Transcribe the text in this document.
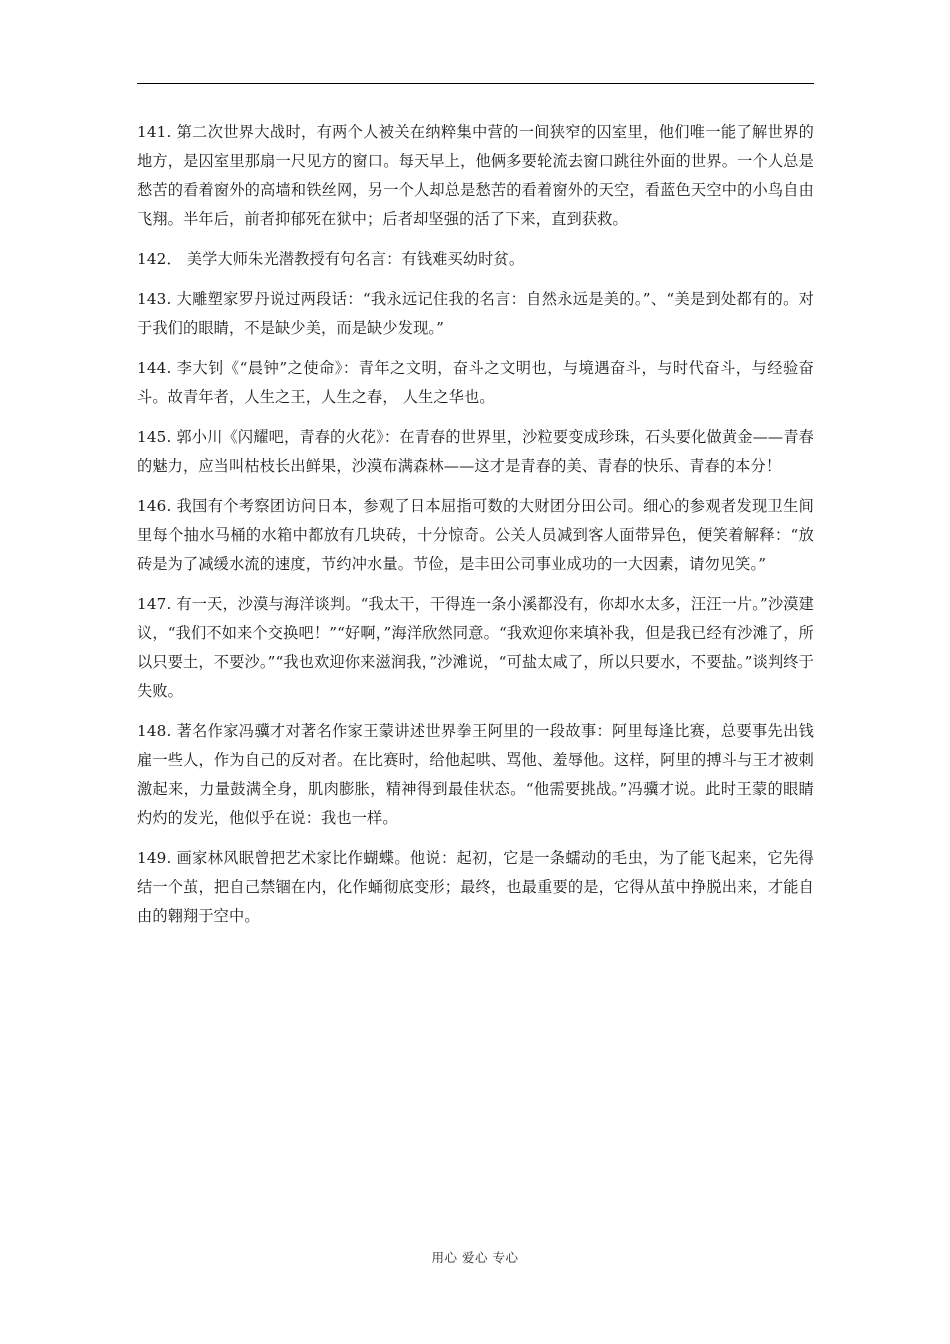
141. 第二次世界大战时，有两个人被关在纳粹集中营的一间狭窄的囚室里，他们唯一能了解世界的地方，是囚室里那扇一尺见方的窗口。每天早上，他俩多要轮流去窗口跳往外面的世界。一个人总是愁苦的看着窗外的高墙和铁丝网，另一个人却总是愁苦的看着窗外的天空，看蓝色天空中的小鸟自由飞翔。半年后，前者抑郁死在狱中；后者却坚强的活了下来，直到获救。

142． 美学大师朱光潜教授有句名言：有钱难买幼时贫。

143. 大雕塑家罗丹说过两段话：“我永远记住我的名言：自然永远是美的。”、“美是到处都有的。对于我们的眼睛，不是缺少美，而是缺少发现。”

144. 李大钊《“晨钟”之使命》：青年之文明，奋斗之文明也，与境遇奋斗，与时代奋斗，与经验奋斗。故青年者，人生之王，人生之春， 人生之华也。

145. 郭小川《闪耀吧，青春的火花》：在青春的世界里，沙粒要变成珍珠，石头要化做黄金——青春的魅力，应当叫枯枝长出鲜果，沙漠布满森林——这才是青春的美、青春的快乐、青春的本分！

146. 我国有个考察团访问日本，参观了日本屈指可数的大财团分田公司。细心的参观者发现卫生间里每个抽水马桶的水箱中都放有几块砖，十分惊奇。公关人员减到客人面带异色，便笑着解释：“放砖是为了减缓水流的速度，节约冲水量。节俭，是丰田公司事业成功的一大因素，请勿见笑。”

147. 有一天，沙漠与海洋谈判。“我太干，干得连一条小溪都没有，你却水太多，汪汪一片。”沙漠建议，“我们不如来个交换吧！”“好啊，”海洋欣然同意。“我欢迎你来填补我，但是我已经有沙滩了，所以只要土，不要沙。”“我也欢迎你来滋润我，”沙滩说，“可盐太咸了，所以只要水，不要盐。”谈判终于失败。

148. 著名作家冯骥才对著名作家王蒙讲述世界拳王阿里的一段故事：阿里每逢比赛，总要事先出钱雇一些人，作为自己的反对者。在比赛时，给他起哄、骂他、羞辱他。这样，阿里的搏斗与王才被刺激起来，力量鼓满全身，肌肉膨胀，精神得到最佳状态。“他需要挑战。”冯骥才说。此时王蒙的眼睛灼灼的发光，他似乎在说：我也一样。

149. 画家林风眠曾把艺术家比作蝴蝶。他说：起初，它是一条蠕动的毛虫，为了能飞起来，它先得结一个茧，把自己禁锢在内，化作蛹彻底变形；最终，也最重要的是，它得从茧中挣脱出来，才能自由的翱翔于空中。

用心 爱心 专心
